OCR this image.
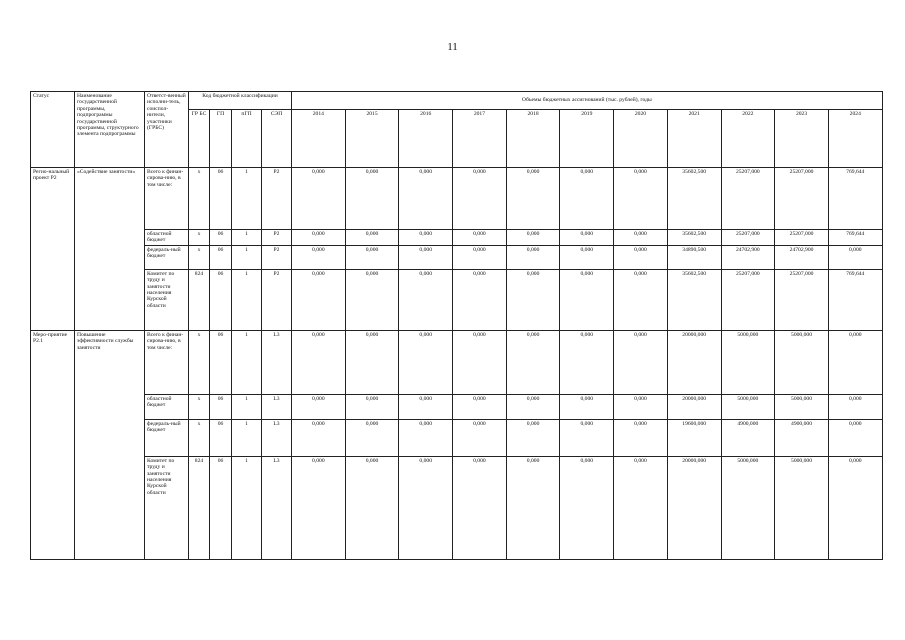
11
Статус	Наименование государственной программы, подпрограммы государственной программы, структурного элемента подпрограммы	Ответст-венный исполни-тель, соиспол-нители, участники (ГРБС)	Код бюджетной классификации				Объемы бюджетных ассигнований (тыс. рублей), годы										
			ГР БС	ГП	пГП	СЭП	2014	2015	2016	2017	2018	2019	2020	2021	2022	2023	2024
Регио-нальный проект Р2	«Содействие занятости»	Всего к финан-сирова-нию, в том числе:	х	06	1	Р2	0,000	0,000	0,000	0,000	0,000	0,000	0,000	35602,500	25207,000	25207,000	769,644
		областной бюджет	х	06	1	Р2	0,000	0,000	0,000	0,000	0,000	0,000	0,000	35602,500	25207,000	25207,000	769,644
		федераль-ный бюджет	х	06	1	Р2	0,000	0,000	0,000	0,000	0,000	0,000	0,000	34890,500	24702,900	24702,900	0,000
		Комитет по труду и занятости населения Курской области	824	06	1	Р2	0,000	0,000	0,000	0,000	0,000	0,000	0,000	35602,500	25207,000	25207,000	769,644
Меро-приятие Р2.1	Повышение эффективности службы занятости	Всего к финан-сирова-нию, в том числе:	х	06	1	L3	0,000	0,000	0,000	0,000	0,000	0,000	0,000	20000,000	5000,000	5000,000	0,000
		областной бюджет	х	06	1	L3	0,000	0,000	0,000	0,000	0,000	0,000	0,000	20000,000	5000,000	5000,000	0,000
		федераль-ный бюджет	х	06	1	L3	0,000	0,000	0,000	0,000	0,000	0,000	0,000	19600,000	4900,000	4900,000	0,000
		Комитет по труду и занятости населения Курской области	824	06	1	L3	0,000	0,000	0,000	0,000	0,000	0,000	0,000	20000,000	5000,000	5000,000	0,000
